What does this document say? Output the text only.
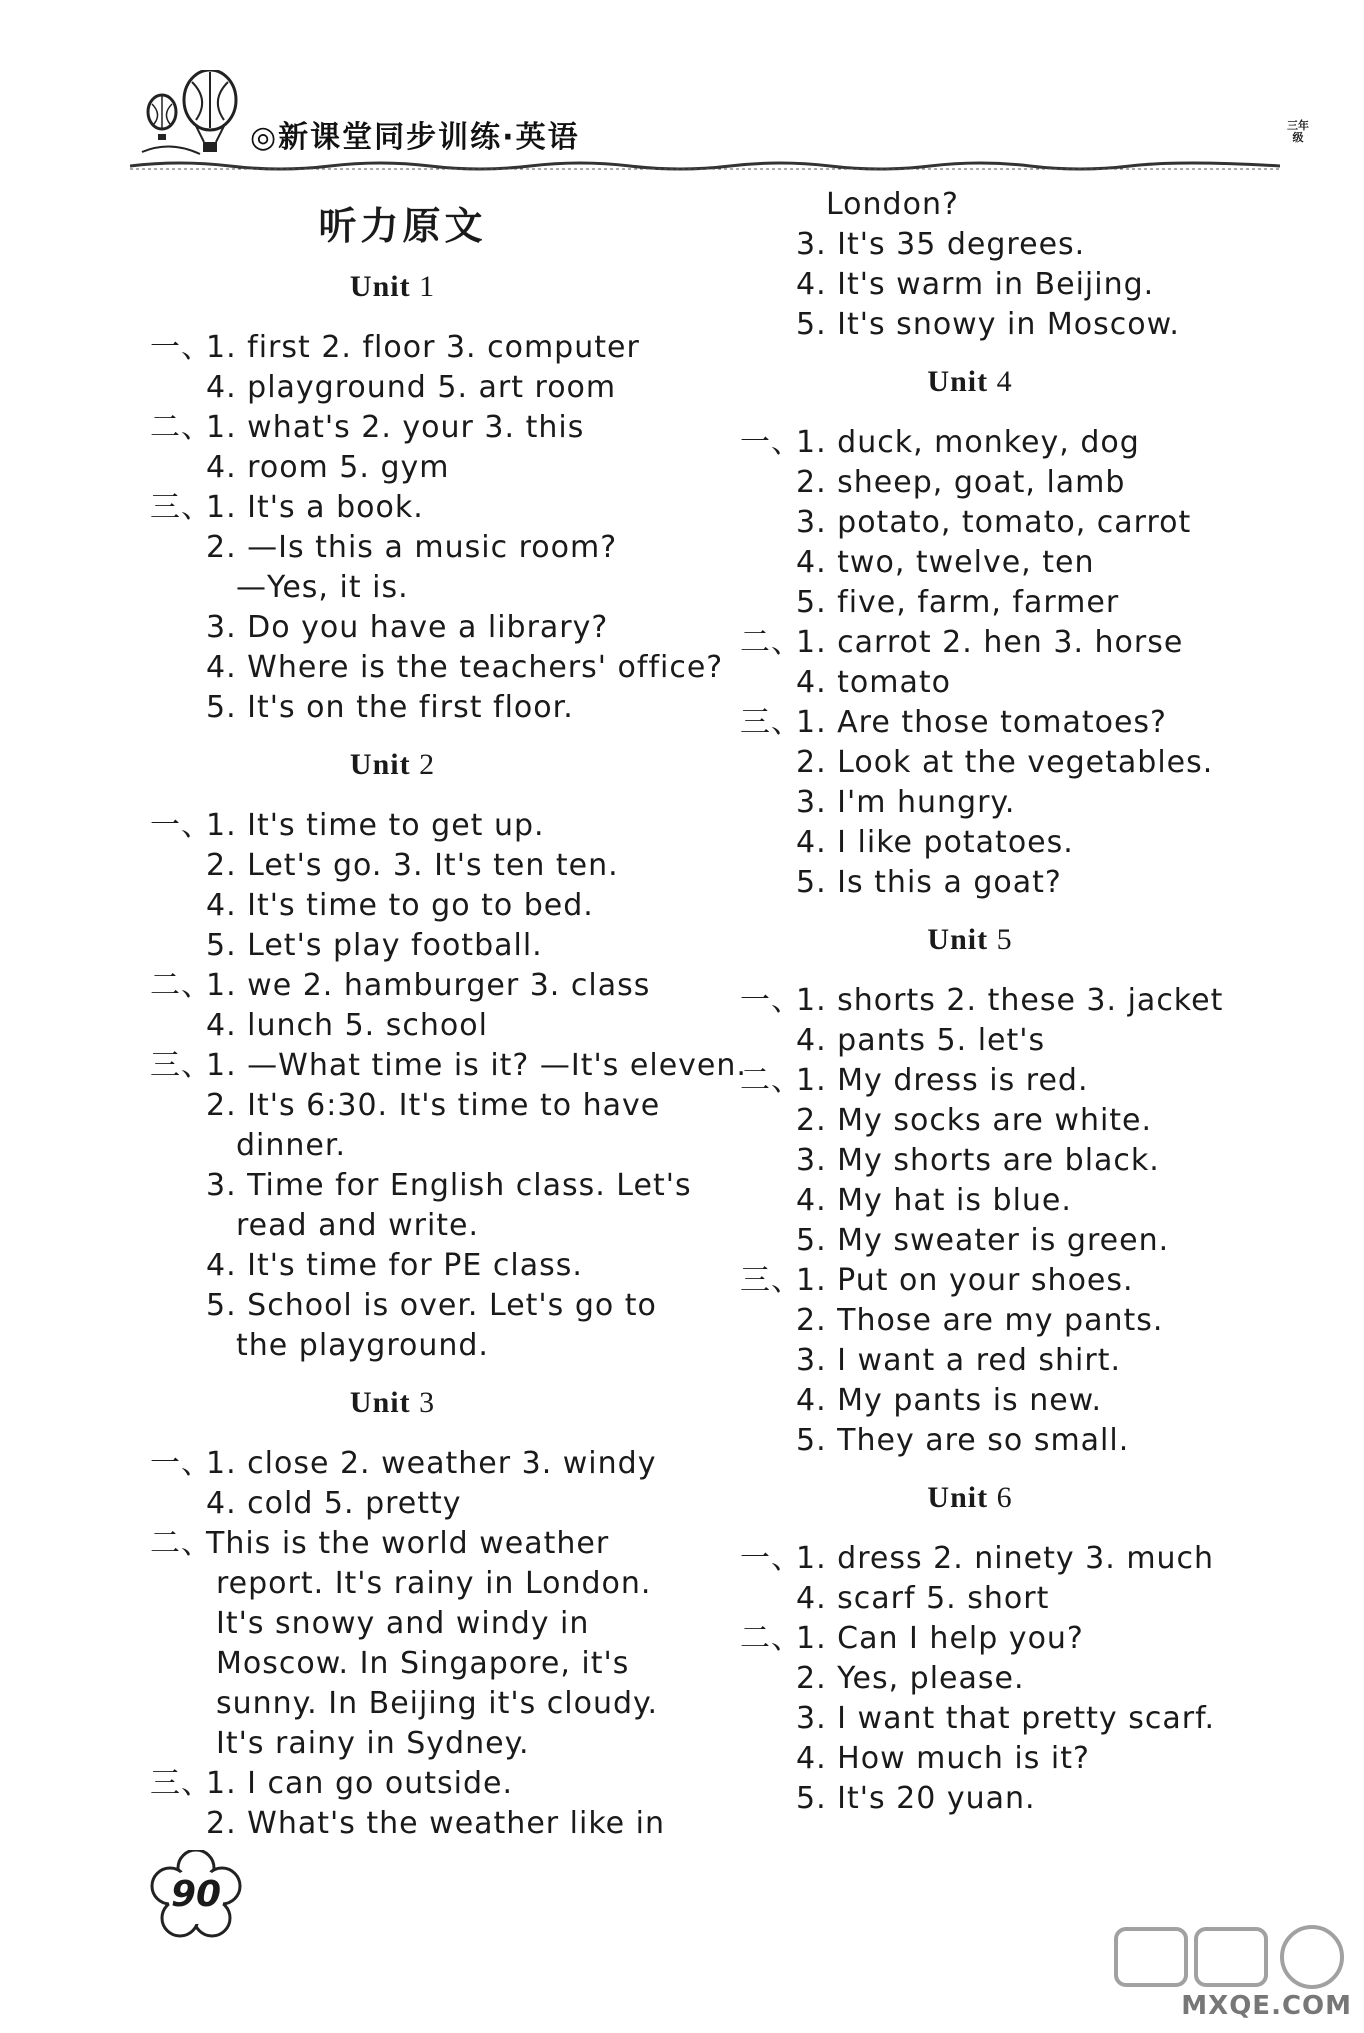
◎新课堂同步训练·英语	三年级
听力原文
Unit 1
一、1. first 2. floor 3. computer
4. playground 5. art room
二、1. what's 2. your 3. this
4. room 5. gym
三、1. It's a book.
2. —Is this a music room?
—Yes, it is.
3. Do you have a library?
4. Where is the teachers' office?
5. It's on the first floor.
Unit 2
一、1. It's time to get up.
2. Let's go. 3. It's ten ten.
4. It's time to go to bed.
5. Let's play football.
二、1. we 2. hamburger 3. class
4. lunch 5. school
三、1. —What time is it? —It's eleven.
2. It's 6:30. It's time to have
dinner.
3. Time for English class. Let's
read and write.
4. It's time for PE class.
5. School is over. Let's go to
the playground.
Unit 3
一、1. close 2. weather 3. windy
4. cold 5. pretty
二、This is the world weather
report. It's rainy in London.
It's snowy and windy in
Moscow. In Singapore, it's
sunny. In Beijing it's cloudy.
It's rainy in Sydney.
三、1. I can go outside.
2. What's the weather like in
London?
3. It's 35 degrees.
4. It's warm in Beijing.
5. It's snowy in Moscow.
Unit 4
一、1. duck, monkey, dog
2. sheep, goat, lamb
3. potato, tomato, carrot
4. two, twelve, ten
5. five, farm, farmer
二、1. carrot 2. hen 3. horse
4. tomato
三、1. Are those tomatoes?
2. Look at the vegetables.
3. I'm hungry.
4. I like potatoes.
5. Is this a goat?
Unit 5
一、1. shorts 2. these 3. jacket
4. pants 5. let's
二、1. My dress is red.
2. My socks are white.
3. My shorts are black.
4. My hat is blue.
5. My sweater is green.
三、1. Put on your shoes.
2. Those are my pants.
3. I want a red shirt.
4. My pants is new.
5. They are so small.
Unit 6
一、1. dress 2. ninety 3. much
4. scarf 5. short
二、1. Can I help you?
2. Yes, please.
3. I want that pretty scarf.
4. How much is it?
5. It's 20 yuan.
90
MXQE.COM
